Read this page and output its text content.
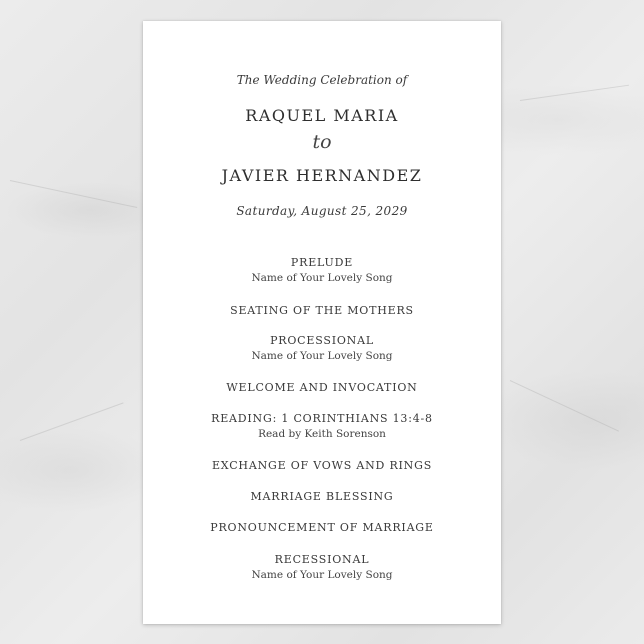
The Wedding Celebration of
RAQUEL MARIA
to
JAVIER HERNANDEZ
Saturday, August 25, 2029
PRELUDE
Name of Your Lovely Song
SEATING OF THE MOTHERS
PROCESSIONAL
Name of Your Lovely Song
WELCOME AND INVOCATION
READING: 1 CORINTHIANS 13:4-8
Read by Keith Sorenson
EXCHANGE OF VOWS AND RINGS
MARRIAGE BLESSING
PRONOUNCEMENT OF MARRIAGE
RECESSIONAL
Name of Your Lovely Song
